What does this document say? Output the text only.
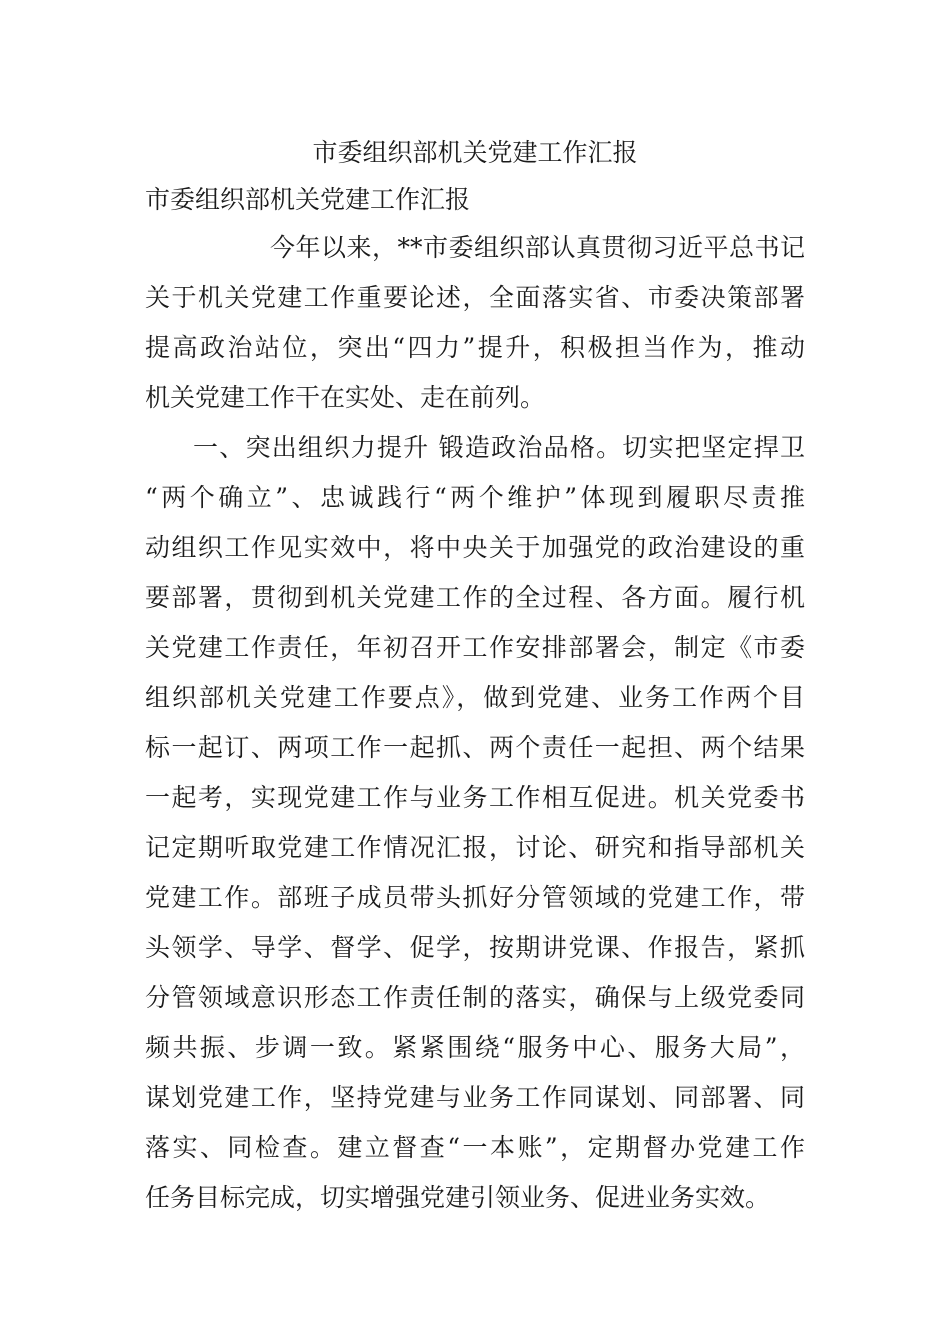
市委组织部机关党建工作汇报
市委组织部机关党建工作汇报
今年以来，**市委组织部认真贯彻习近平总书记
关于机关党建工作重要论述，全面落实省、市委决策部署
提高政治站位，突出“四力”提升，积极担当作为，推动
机关党建工作干在实处、走在前列。
一、突出组织力提升 锻造政治品格。切实把坚定捍卫
“两个确立”、忠诚践行“两个维护”体现到履职尽责推
动组织工作见实效中，将中央关于加强党的政治建设的重
要部署，贯彻到机关党建工作的全过程、各方面。履行机
关党建工作责任，年初召开工作安排部署会，制定《市委
组织部机关党建工作要点》，做到党建、业务工作两个目
标一起订、两项工作一起抓、两个责任一起担、两个结果
一起考，实现党建工作与业务工作相互促进。机关党委书
记定期听取党建工作情况汇报，讨论、研究和指导部机关
党建工作。部班子成员带头抓好分管领域的党建工作，带
头领学、导学、督学、促学，按期讲党课、作报告，紧抓
分管领域意识形态工作责任制的落实，确保与上级党委同
频共振、步调一致。紧紧围绕“服务中心、服务大局”，
谋划党建工作，坚持党建与业务工作同谋划、同部署、同
落实、同检查。建立督查“一本账”，定期督办党建工作
任务目标完成，切实增强党建引领业务、促进业务实效。
